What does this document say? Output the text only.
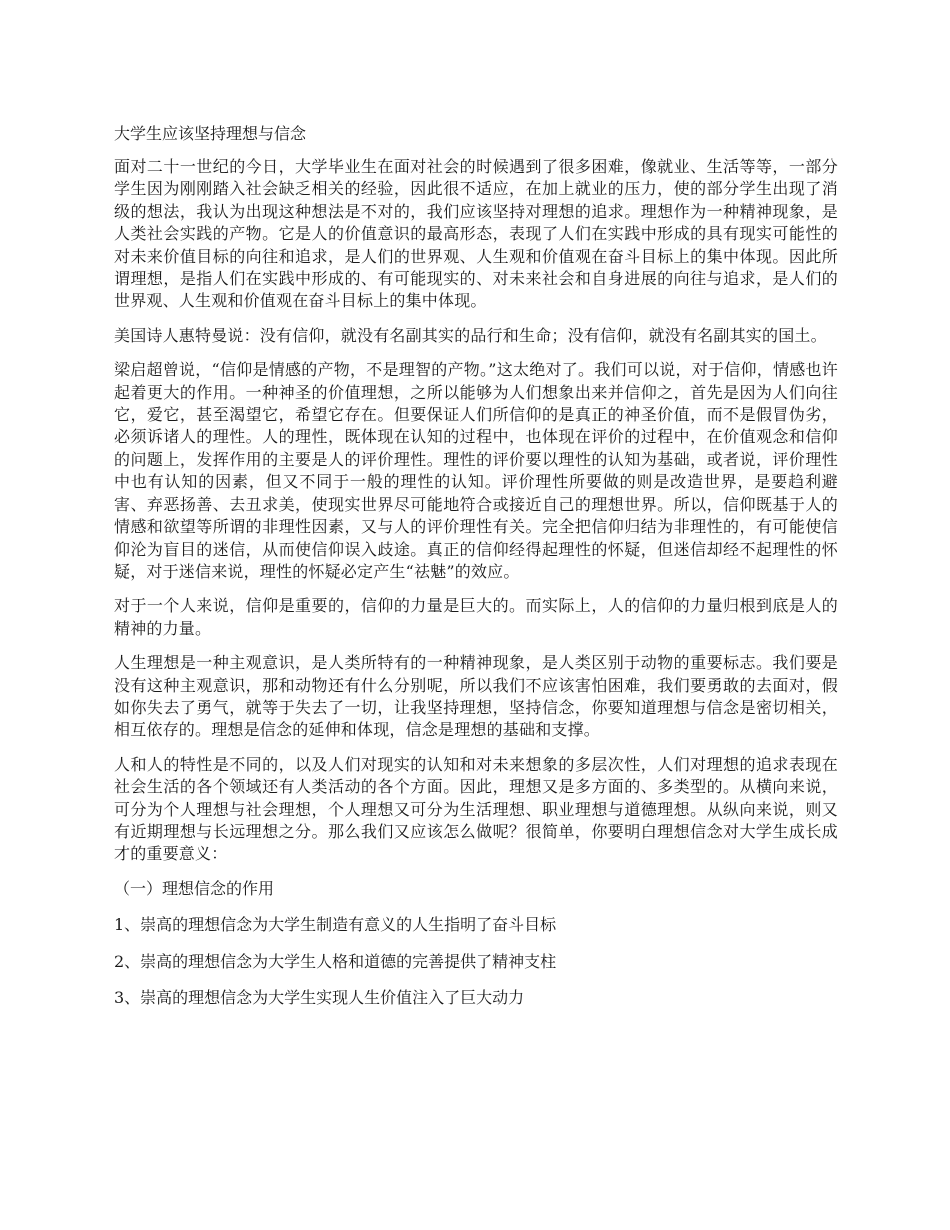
大学生应该坚持理想与信念

面对二十一世纪的今日，大学毕业生在面对社会的时候遇到了很多困难，像就业、生活等等，一部分学生因为刚刚踏入社会缺乏相关的经验，因此很不适应，在加上就业的压力，使的部分学生出现了消级的想法，我认为出现这种想法是不对的，我们应该坚持对理想的追求。理想作为一种精神现象，是人类社会实践的产物。它是人的价值意识的最高形态，表现了人们在实践中形成的具有现实可能性的对未来价值目标的向往和追求，是人们的世界观、人生观和价值观在奋斗目标上的集中体现。因此所谓理想，是指人们在实践中形成的、有可能现实的、对未来社会和自身进展的向往与追求，是人们的世界观、人生观和价值观在奋斗目标上的集中体现。

美国诗人惠特曼说：没有信仰，就没有名副其实的品行和生命；没有信仰，就没有名副其实的国土。

梁启超曾说，“信仰是情感的产物，不是理智的产物。”这太绝对了。我们可以说，对于信仰，情感也许起着更大的作用。一种神圣的价值理想，之所以能够为人们想象出来并信仰之，首先是因为人们向往它，爱它，甚至渴望它，希望它存在。但要保证人们所信仰的是真正的神圣价值，而不是假冒伪劣，必须诉诸人的理性。人的理性，既体现在认知的过程中，也体现在评价的过程中，在价值观念和信仰的问题上，发挥作用的主要是人的评价理性。理性的评价要以理性的认知为基础，或者说，评价理性中也有认知的因素，但又不同于一般的理性的认知。评价理性所要做的则是改造世界，是要趋利避害、弃恶扬善、去丑求美，使现实世界尽可能地符合或接近自己的理想世界。所以，信仰既基于人的情感和欲望等所谓的非理性因素，又与人的评价理性有关。完全把信仰归结为非理性的，有可能使信仰沦为盲目的迷信，从而使信仰误入歧途。真正的信仰经得起理性的怀疑，但迷信却经不起理性的怀疑，对于迷信来说，理性的怀疑必定产生“祛魅”的效应。

对于一个人来说，信仰是重要的，信仰的力量是巨大的。而实际上，人的信仰的力量归根到底是人的精神的力量。

人生理想是一种主观意识，是人类所特有的一种精神现象，是人类区别于动物的重要标志。我们要是没有这种主观意识，那和动物还有什么分别呢，所以我们不应该害怕困难，我们要勇敢的去面对，假如你失去了勇气，就等于失去了一切，让我坚持理想，坚持信念，你要知道理想与信念是密切相关，相互依存的。理想是信念的延伸和体现，信念是理想的基础和支撑。

人和人的特性是不同的，以及人们对现实的认知和对未来想象的多层次性，人们对理想的追求表现在社会生活的各个领域还有人类活动的各个方面。因此，理想又是多方面的、多类型的。从横向来说，可分为个人理想与社会理想，个人理想又可分为生活理想、职业理想与道德理想。从纵向来说，则又有近期理想与长远理想之分。那么我们又应该怎么做呢？很简单，你要明白理想信念对大学生成长成才的重要意义：

（一）理想信念的作用
1、崇高的理想信念为大学生制造有意义的人生指明了奋斗目标
2、崇高的理想信念为大学生人格和道德的完善提供了精神支柱
3、崇高的理想信念为大学生实现人生价值注入了巨大动力
